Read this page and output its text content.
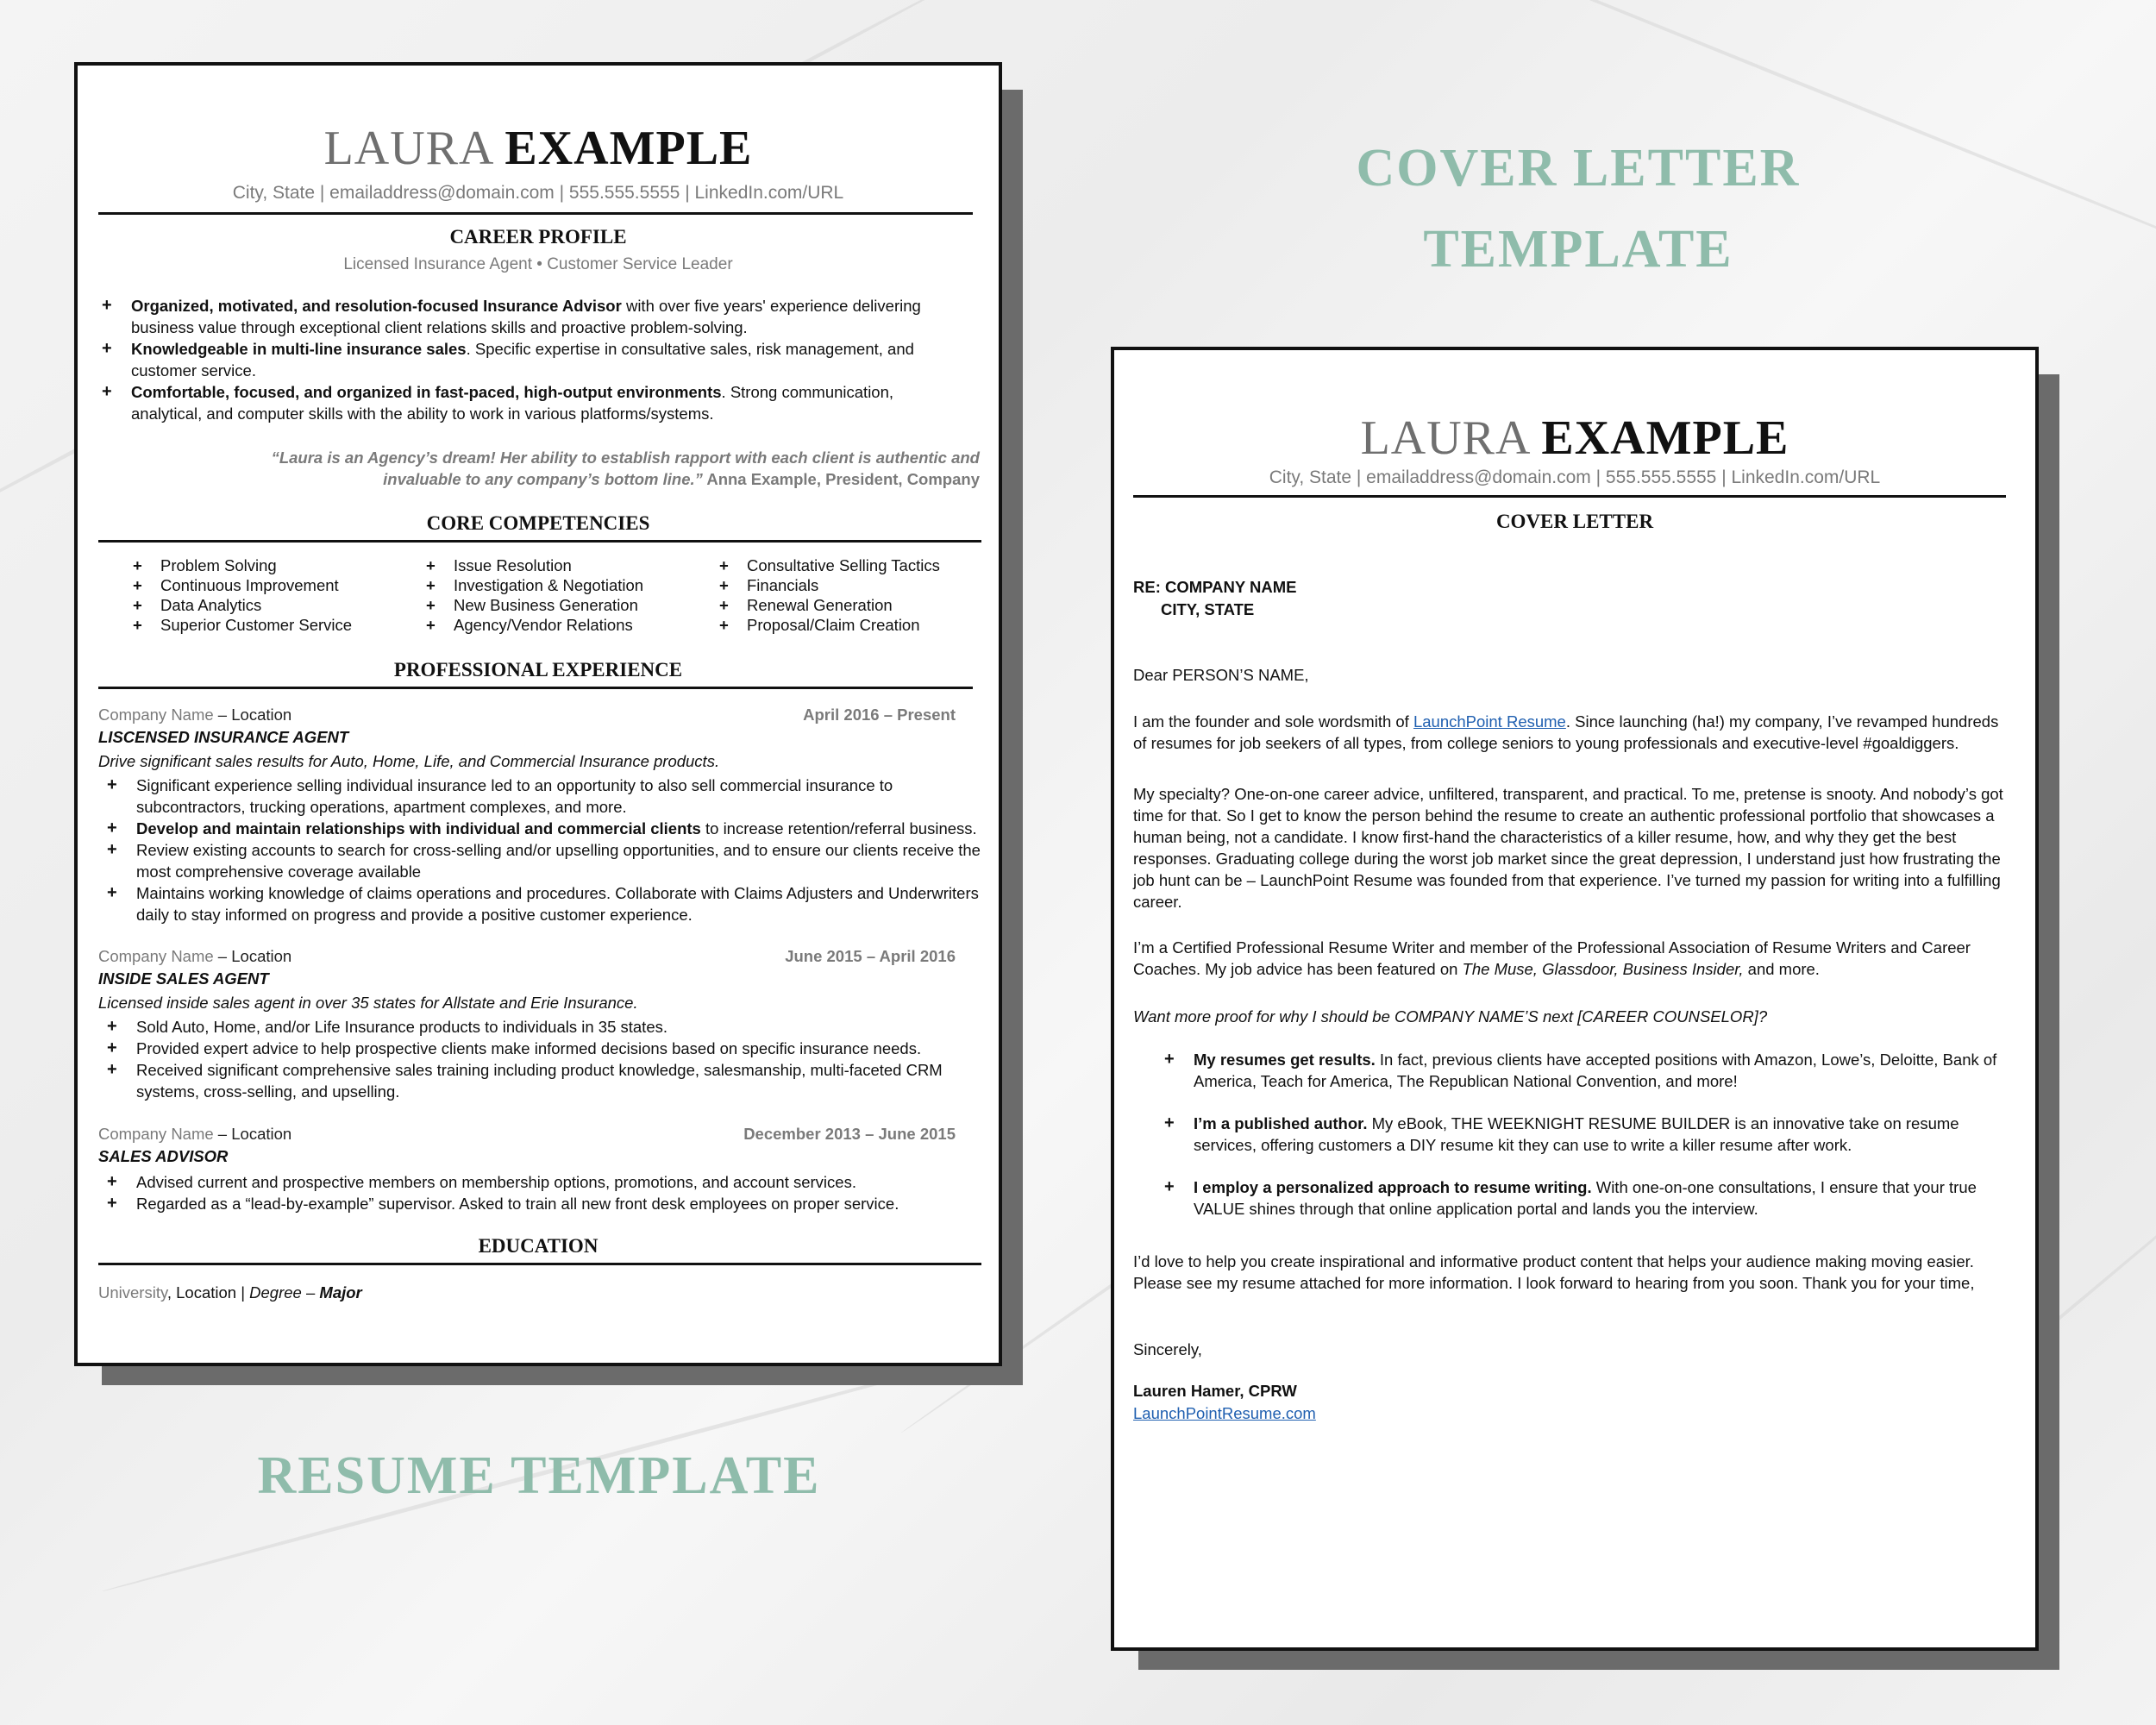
LAURA EXAMPLE
City, State | emailaddress@domain.com | 555.555.5555 | LinkedIn.com/URL
CAREER PROFILE
Licensed Insurance Agent • Customer Service Leader
+ Organized, motivated, and resolution-focused Insurance Advisor with over five years' experience delivering business value through exceptional client relations skills and proactive problem-solving.
+ Knowledgeable in multi-line insurance sales. Specific expertise in consultative sales, risk management, and customer service.
+ Comfortable, focused, and organized in fast-paced, high-output environments. Strong communication, analytical, and computer skills with the ability to work in various platforms/systems.
“Laura is an Agency’s dream! Her ability to establish rapport with each client is authentic and invaluable to any company’s bottom line.” Anna Example, President, Company
CORE COMPETENCIES
+ Problem Solving
+ Continuous Improvement
+ Data Analytics
+ Superior Customer Service
+ Issue Resolution
+ Investigation & Negotiation
+ New Business Generation
+ Agency/Vendor Relations
+ Consultative Selling Tactics
+ Financials
+ Renewal Generation
+ Proposal/Claim Creation
PROFESSIONAL EXPERIENCE
Company Name – Location	April 2016 – Present
LISCENSED INSURANCE AGENT
Drive significant sales results for Auto, Home, Life, and Commercial Insurance products.
+ Significant experience selling individual insurance led to an opportunity to also sell commercial insurance to subcontractors, trucking operations, apartment complexes, and more.
+ Develop and maintain relationships with individual and commercial clients to increase retention/referral business.
+ Review existing accounts to search for cross-selling and/or upselling opportunities, and to ensure our clients receive the most comprehensive coverage available
+ Maintains working knowledge of claims operations and procedures. Collaborate with Claims Adjusters and Underwriters daily to stay informed on progress and provide a positive customer experience.
Company Name – Location	June 2015 – April 2016
INSIDE SALES AGENT
Licensed inside sales agent in over 35 states for Allstate and Erie Insurance.
+ Sold Auto, Home, and/or Life Insurance products to individuals in 35 states.
+ Provided expert advice to help prospective clients make informed decisions based on specific insurance needs.
+ Received significant comprehensive sales training including product knowledge, salesmanship, multi-faceted CRM systems, cross-selling, and upselling.
Company Name – Location	December 2013 – June 2015
SALES ADVISOR
+ Advised current and prospective members on membership options, promotions, and account services.
+ Regarded as a “lead-by-example” supervisor. Asked to train all new front desk employees on proper service.
EDUCATION
University, Location | Degree – Major
LAURA EXAMPLE
City, State | emailaddress@domain.com | 555.555.5555 | LinkedIn.com/URL
COVER LETTER
RE: COMPANY NAME
CITY, STATE
Dear PERSON’S NAME,
I am the founder and sole wordsmith of LaunchPoint Resume. Since launching (ha!) my company, I’ve revamped hundreds of resumes for job seekers of all types, from college seniors to young professionals and executive-level #goaldiggers.
My specialty? One-on-one career advice, unfiltered, transparent, and practical. To me, pretense is snooty. And nobody’s got time for that. So I get to know the person behind the resume to create an authentic professional portfolio that showcases a human being, not a candidate. I know first-hand the characteristics of a killer resume, how, and why they get the best responses. Graduating college during the worst job market since the great depression, I understand just how frustrating the job hunt can be – LaunchPoint Resume was founded from that experience. I’ve turned my passion for writing into a fulfilling career.
I’m a Certified Professional Resume Writer and member of the Professional Association of Resume Writers and Career Coaches. My job advice has been featured on The Muse, Glassdoor, Business Insider, and more.
Want more proof for why I should be COMPANY NAME’S next [CAREER COUNSELOR]?
+ My resumes get results. In fact, previous clients have accepted positions with Amazon, Lowe’s, Deloitte, Bank of America, Teach for America, The Republican National Convention, and more!
+ I’m a published author. My eBook, THE WEEKNIGHT RESUME BUILDER is an innovative take on resume services, offering customers a DIY resume kit they can use to write a killer resume after work.
+ I employ a personalized approach to resume writing. With one-on-one consultations, I ensure that your true VALUE shines through that online application portal and lands you the interview.
I’d love to help you create inspirational and informative product content that helps your audience making moving easier. Please see my resume attached for more information. I look forward to hearing from you soon. Thank you for your time,
Sincerely,
Lauren Hamer, CPRW
LaunchPointResume.com
COVER LETTER
TEMPLATE
RESUME TEMPLATE
